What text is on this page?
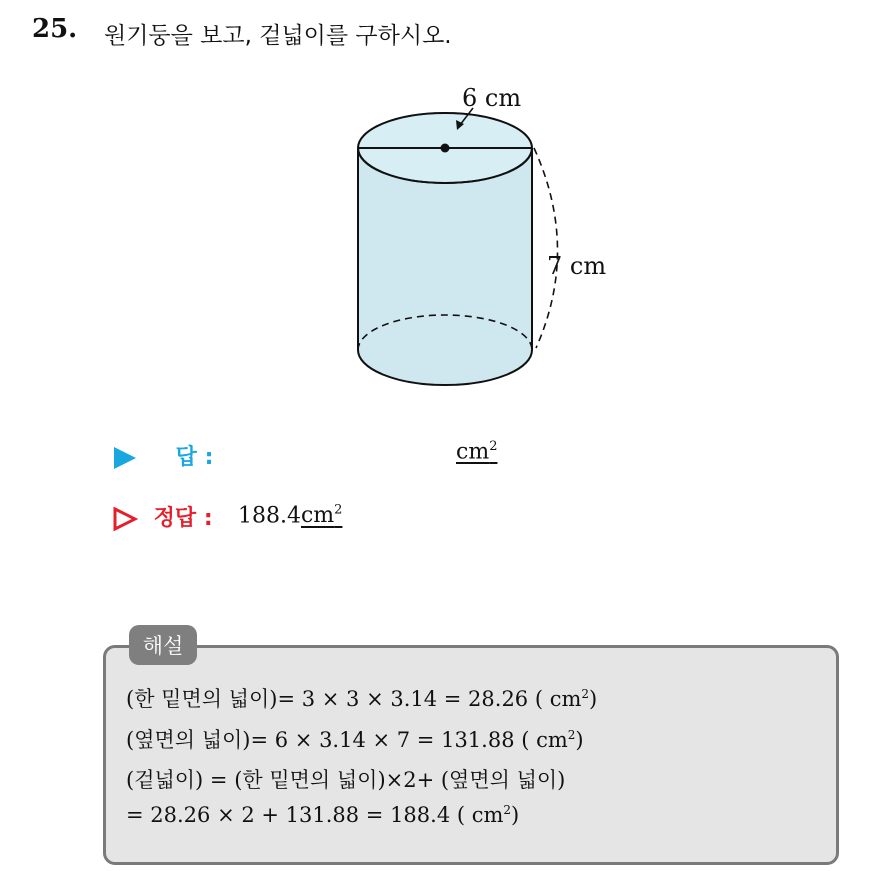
25. 원기둥을 보고, 겉넓이를 구하시오.
6 cm
7 cm
답 :	$cm^2$
정답 : $188.4cm^2$
해설
(한 밑면의 넓이)= 3 × 3 × 3.14 = 28.26 ( $cm^2$)
(옆면의 넓이)= 6 × 3.14 × 7 = 131.88 ( $cm^2$)
(겉넓이) = (한 밑면의 넓이)×2+ (옆면의 넓이)
= 28.26 × 2 + 131.88 = 188.4 ( $cm^2$)
